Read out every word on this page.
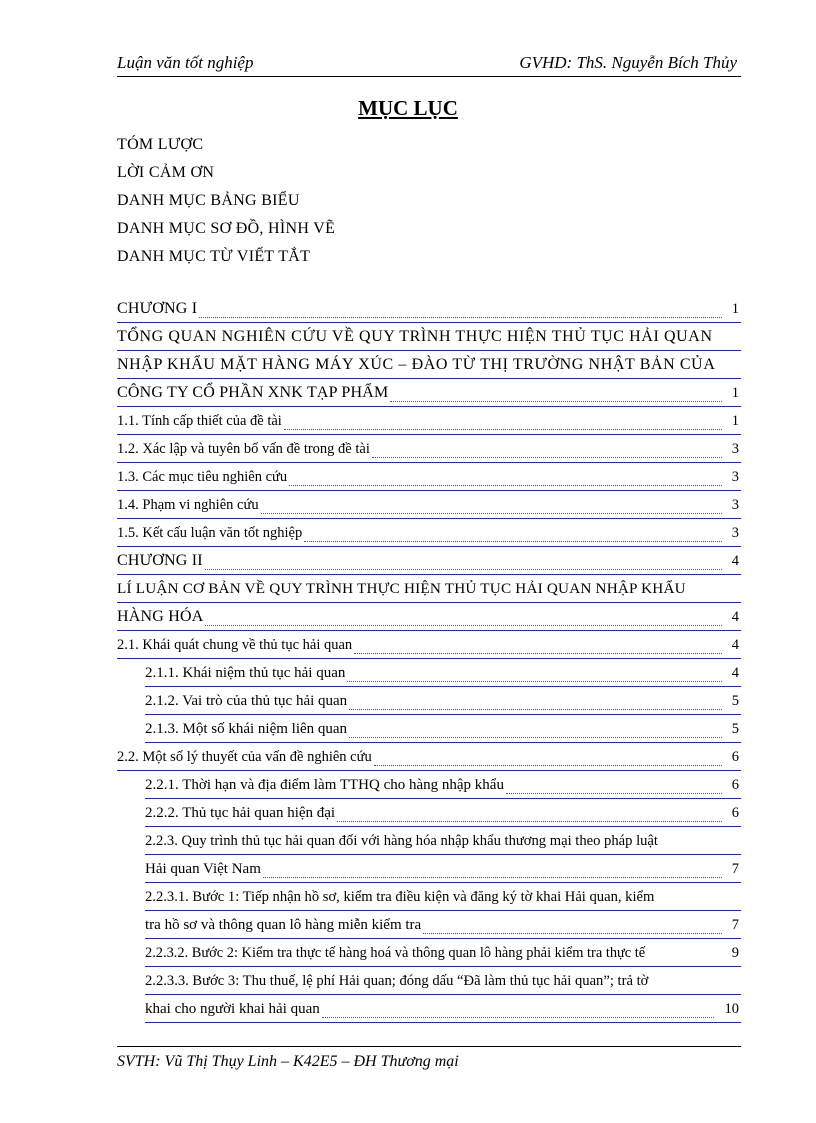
Luận văn tốt nghiệp	GVHD: ThS. Nguyễn Bích Thủy
MỤC LỤC
TÓM LƯỢC
LỜI CẢM ƠN
DANH MỤC BẢNG BIỂU
DANH MỤC SƠ ĐỒ, HÌNH VẼ
DANH MỤC TỪ VIẾT TẮT
CHƯƠNG I	1
TỔNG QUAN NGHIÊN CỨU VỀ QUY TRÌNH THỰC HIỆN THỦ TỤC HẢI QUAN
NHẬP KHẨU MẶT HÀNG MÁY XÚC – ĐÀO TỪ THỊ TRƯỜNG NHẬT BẢN CỦA
CÔNG TY CỔ PHẦN XNK TẠP PHẨM	1
1.1. Tính cấp thiết của đề tài	1
1.2. Xác lập và tuyên bố vấn đề trong đề tài	3
1.3. Các mục tiêu nghiên cứu	3
1.4. Phạm vi nghiên cứu	3
1.5. Kết cấu luận văn tốt nghiệp	3
CHƯƠNG II	4
LÍ LUẬN CƠ BẢN VỀ QUY TRÌNH THỰC HIỆN THỦ TỤC HẢI QUAN NHẬP KHẨU
HÀNG HÓA	4
2.1. Khái quát chung về thủ tục hải quan	4
2.1.1. Khái niệm thủ tục hải quan	4
2.1.2. Vai trò của thủ tục hải quan	5
2.1.3. Một số khái niệm liên quan	5
2.2. Một số lý thuyết của vấn đề nghiên cứu	6
2.2.1. Thời hạn và địa điểm làm TTHQ cho hàng nhập khẩu	6
2.2.2. Thủ tục hải quan hiện đại	6
2.2.3. Quy trình thủ tục hải quan đối với hàng hóa nhập khẩu thương mại theo pháp luật
Hải quan Việt Nam	7
2.2.3.1. Bước 1: Tiếp nhận hồ sơ, kiểm tra điều kiện và đăng ký tờ khai Hải quan, kiểm
tra hồ sơ và thông quan lô hàng miễn kiểm tra	7
2.2.3.2. Bước 2: Kiểm tra thực tế hàng hoá và thông quan lô hàng phải kiểm tra thực tế	9
2.2.3.3. Bước 3: Thu thuế, lệ phí Hải quan; đóng dấu “Đã làm thủ tục hải quan”; trả tờ
khai cho người khai hải quan	10
SVTH: Vũ Thị Thụy Linh – K42E5 – ĐH Thương mại
